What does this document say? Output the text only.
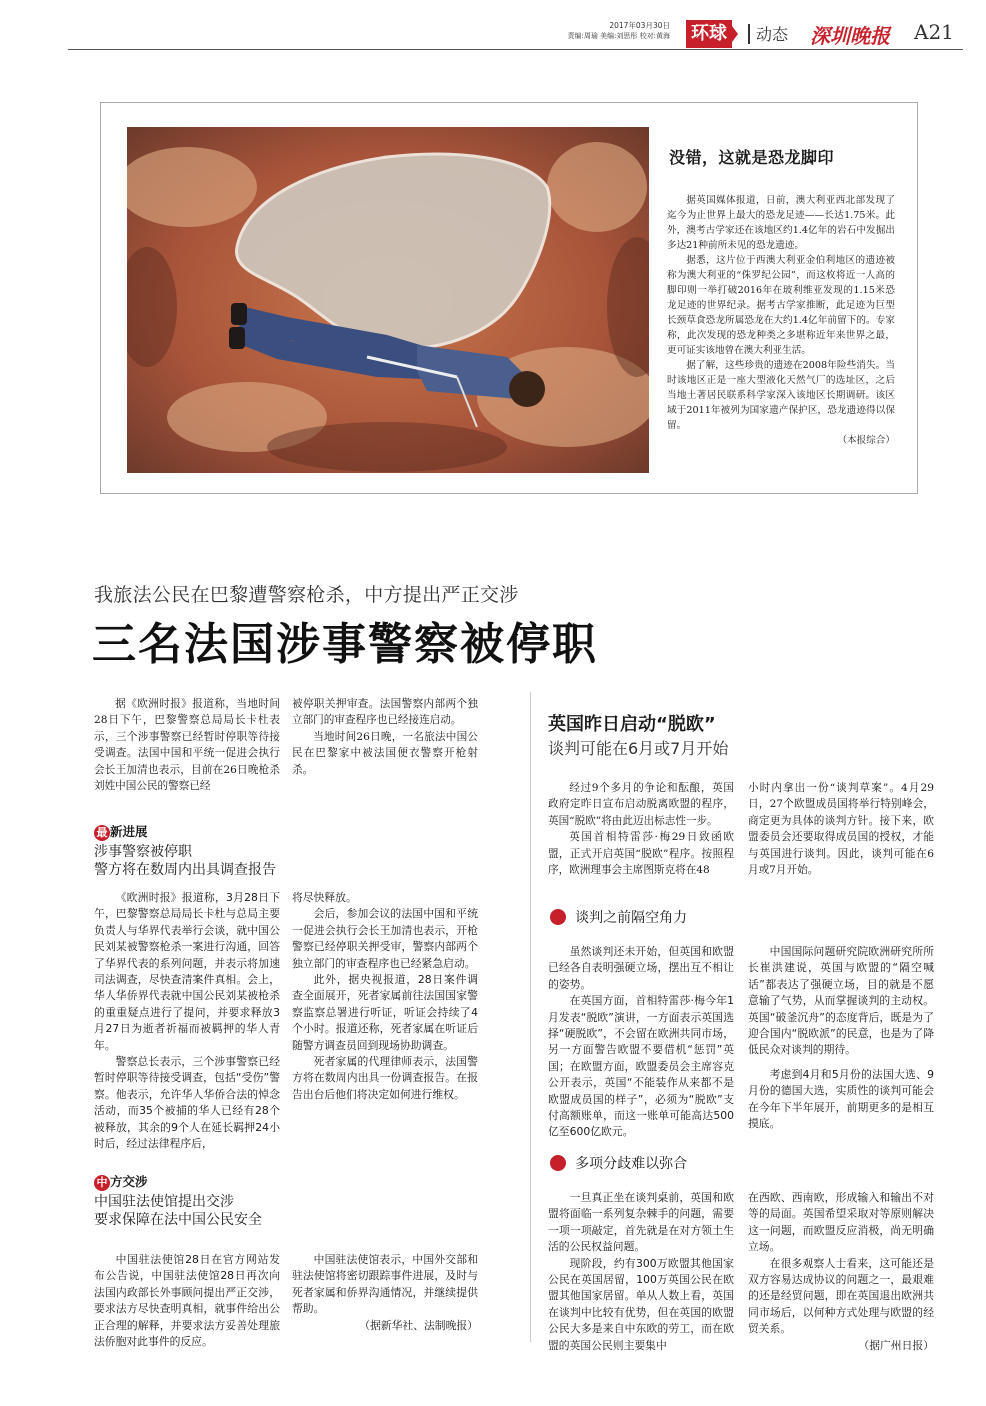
2017年03月30日
责编:周瑜 美编:刘思彤 校对:黄海 环球	动态 深圳晚报 A21
没错，这就是恐龙脚印

据英国媒体报道，日前，澳大利亚西北部发现了迄今为止世界上最大的恐龙足迹——长达1.75米。此外，澳考古学家还在该地区约1.4亿年的岩石中发掘出多达21种前所未见的恐龙遗迹。

据悉，这片位于西澳大利亚金伯利地区的遗迹被称为澳大利亚的“侏罗纪公园”，而这枚将近一人高的脚印则一举打破2016年在玻利维亚发现的1.15米恐龙足迹的世界纪录。据考古学家推断，此足迹为巨型长颈草食恐龙所属恐龙在大约1.4亿年前留下的。专家称，此次发现的恐龙种类之多堪称近年来世界之最，更可证实该地曾在澳大利亚生活。

据了解，这些珍贵的遗迹在2008年险些消失。当时该地区正是一座大型液化天然气厂的选址区，之后当地土著居民联系科学家深入该地区长期调研。该区域于2011年被列为国家遗产保护区，恐龙遗迹得以保留。

（本报综合）
我旅法公民在巴黎遭警察枪杀，中方提出严正交涉
三名法国涉事警察被停职

据《欧洲时报》报道称，当地时间28日下午，巴黎警察总局局长卡杜表示，三个涉事警察已经暂时停职等待接受调查。法国中国和平统一促进会执行会长王加清也表示，目前在26日晚枪杀刘姓中国公民的警察已经

被停职关押审查。法国警察内部两个独立部门的审查程序也已经接连启动。

当地时间26日晚，一名旅法中国公民在巴黎家中被法国便衣警察开枪射杀。

最 新进展
涉事警察被停职
警方将在数周内出具调查报告

《欧洲时报》报道称，3月28日下午，巴黎警察总局局长卡杜与总局主要负责人与华界代表举行会谈，就中国公民刘某被警察枪杀一案进行沟通，回答了华界代表的系列问题，并表示将加速司法调查，尽快查清案件真相。会上，华人华侨界代表就中国公民刘某被枪杀的重重疑点进行了提问，并要求释放3月27日为逝者祈福而被羁押的华人青年。

警察总长表示，三个涉事警察已经暂时停职等待接受调查，包括“受伤”警察。他表示，允许华人华侨合法的悼念活动，而35个被捕的华人已经有28个被释放，其余的9个人在延长羁押24小时后，经过法律程序后，

将尽快释放。

会后，参加会议的法国中国和平统一促进会执行会长王加清也表示，开枪警察已经停职关押受审，警察内部两个独立部门的审查程序也已经紧急启动。

此外，据央视报道，28日案件调查全面展开，死者家属前往法国国家警察监察总署进行听证，听证会持续了4个小时。报道还称，死者家属在听证后随警方调查员回到现场协助调查。

死者家属的代理律师表示，法国警方将在数周内出具一份调查报告。在报告出台后他们将决定如何进行维权。

中 方交涉
中国驻法使馆提出交涉
要求保障在法中国公民安全

中国驻法使馆28日在官方网站发布公告说，中国驻法使馆28日再次向法国内政部长外事顾问提出严正交涉，要求法方尽快查明真相，就事件给出公正合理的解释，并要求法方妥善处理旅法侨胞对此事件的反应。

中国驻法使馆表示，中国外交部和驻法使馆将密切跟踪事件进展，及时与死者家属和侨界沟通情况，并继续提供帮助。

（据新华社、法制晚报）
英国昨日启动“脱欧”
谈判可能在6月或7月开始

经过9个多月的争论和酝酿，英国政府定昨日宣布启动脱离欧盟的程序，英国“脱欧”将由此迈出标志性一步。

英国首相特雷莎·梅29日致函欧盟，正式开启英国“脱欧”程序。按照程序，欧洲理事会主席图斯克将在48

小时内拿出一份“谈判草案”。4月29日，27个欧盟成员国将举行特别峰会，商定更为具体的谈判方针。接下来，欧盟委员会还要取得成员国的授权，才能与英国进行谈判。因此，谈判可能在6月或7月开始。

谈判之前隔空角力

虽然谈判还未开始，但英国和欧盟已经各自表明强硬立场，摆出互不相让的姿势。

在英国方面，首相特雷莎·梅今年1月发表“脱欧”演讲，一方面表示英国选择“硬脱欧”，不会留在欧洲共同市场，另一方面警告欧盟不要借机“惩罚”英国；在欧盟方面，欧盟委员会主席容克公开表示，英国“不能装作从来都不是欧盟成员国的样子”，必须为“脱欧”支付高额账单，而这一账单可能高达500亿至600亿欧元。

中国国际问题研究院欧洲研究所所长崔洪建说，英国与欧盟的“隔空喊话”都表达了强硬立场，目的就是不愿意输了气势，从而掌握谈判的主动权。英国“破釜沉舟”的态度背后，既是为了迎合国内“脱欧派”的民意，也是为了降低民众对谈判的期待。

考虑到4月和5月份的法国大选、9月份的德国大选，实质性的谈判可能会在今年下半年展开，前期更多的是相互摸底。

多项分歧难以弥合

一旦真正坐在谈判桌前，英国和欧盟将面临一系列复杂棘手的问题，需要一项一项敲定，首先就是在对方领土生活的公民权益问题。

现阶段，约有300万欧盟其他国家公民在英国居留，100万英国公民在欧盟其他国家居留。单从人数上看，英国在谈判中比较有优势，但在英国的欧盟公民大多是来自中东欧的劳工，而在欧盟的英国公民则主要集中

在西欧、西南欧，形成输入和输出不对等的局面。英国希望采取对等原则解决这一问题，而欧盟反应消极，尚无明确立场。

在很多观察人士看来，这可能还是双方容易达成协议的问题之一，最艰难的还是经贸问题，即在英国退出欧洲共同市场后，以何种方式处理与欧盟的经贸关系。

（据广州日报）
